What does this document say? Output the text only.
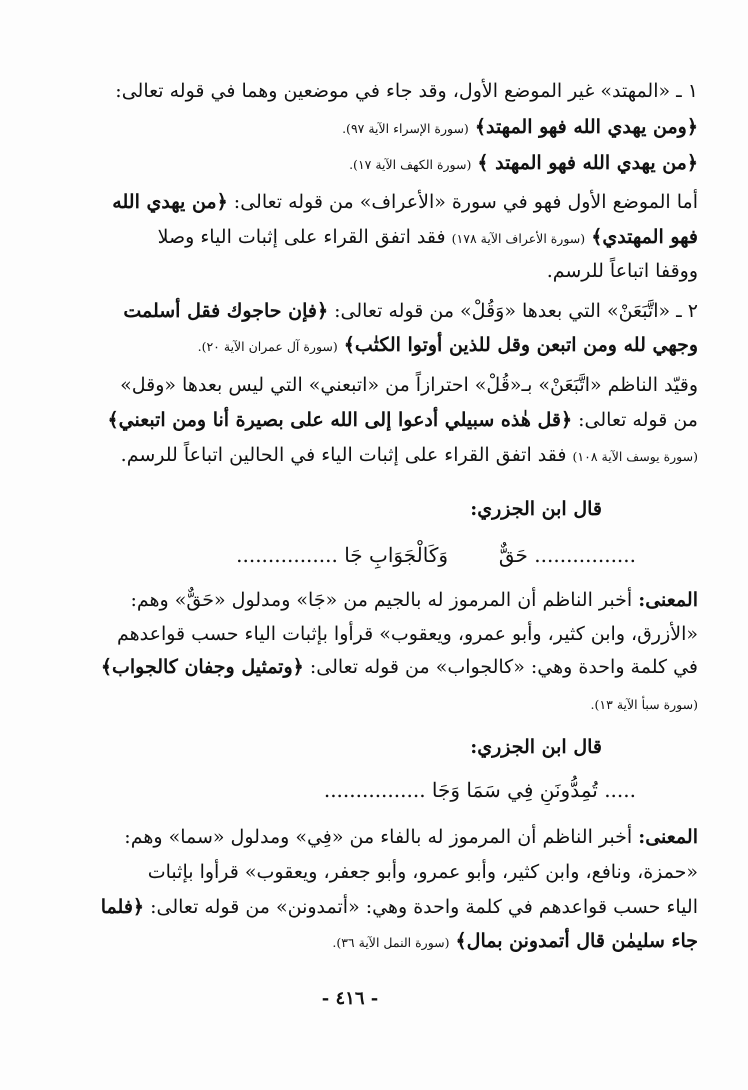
١ ـ «المهتد» غير الموضع الأول، وقد جاء في موضعين وهما في قوله تعالى:
﴿ومن يهدي الله فهو المهتد﴾ (سورة الإسراء الآية ٩٧).
﴿من يهدي الله فهو المهتد ﴾ (سورة الكهف الآية ١٧).
أما الموضع الأول فهو في سورة «الأعراف» من قوله تعالى: ﴿من يهدي الله
فهو المهتدي﴾ (سورة الأعراف الآية ١٧٨) فقد اتفق القراء على إثبات الياء وصلا
ووقفا اتباعاً للرسم.
٢ ـ «اتَّبَعَنْ» التي بعدها «وَقُلْ» من قوله تعالى: ﴿فإن حاجوك فقل أسلمت
وجهي لله ومن اتبعن وقل للذين أوتوا الكتٰب﴾ (سورة آل عمران الآية ٢٠).
وقيّد الناظم «اتَّبَعَنْ» بـ«قُلْ» احترازاً من «اتبعني» التي ليس بعدها «وقل»
من قوله تعالى: ﴿قل هٰذه سبيلي أدعوا إلى الله على بصيرة أنا ومن اتبعني﴾
(سورة يوسف الآية ١٠٨) فقد اتفق القراء على إثبات الياء في الحالين اتباعاً للرسم.
قال ابن الجزري:
................ حَقٌّ        وَكَالْجَوَابِ جَا ................
المعنى: أخبر الناظم أن المرموز له بالجيم من «جَا» ومدلول «حَقٌّ» وهم:
«الأزرق، وابن كثير، وأبو عمرو، ويعقوب» قرأوا بإثبات الياء حسب قواعدهم
في كلمة واحدة وهي: «كالجواب» من قوله تعالى: ﴿وتمثيل وجفان كالجواب﴾
(سورة سبأ الآية ١٣).
قال ابن الجزري:
..... تُمِدُّونَنِ فِي سَمَا وَجَا ................
المعنى: أخبر الناظم أن المرموز له بالفاء من «فِي» ومدلول «سما» وهم:
«حمزة، ونافع، وابن كثير، وأبو عمرو، وأبو جعفر، ويعقوب» قرأوا بإثبات
الياء حسب قواعدهم في كلمة واحدة وهي: «أتمدونن» من قوله تعالى: ﴿فلما
جاء سليمٰن قال أتمدونن بمال﴾ (سورة النمل الآية ٣٦).
- ٤١٦ -
